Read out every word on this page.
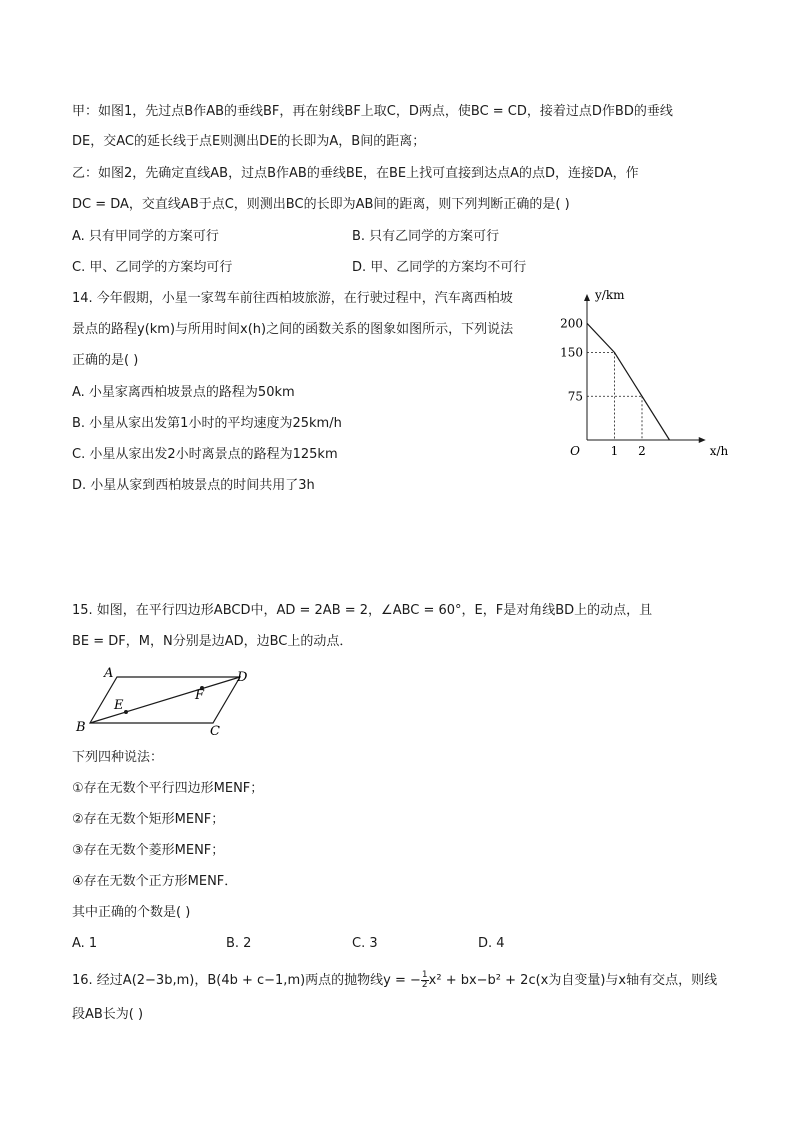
甲：如图1，先过点B作AB的垂线BF，再在射线BF上取C，D两点，使BC = CD，接着过点D作BD的垂线
DE，交AC的延长线于点E则测出DE的长即为A，B间的距离；
乙：如图2，先确定直线AB，过点B作AB的垂线BE，在BE上找可直接到达点A的点D，连接DA，作
DC = DA，交直线AB于点C，则测出BC的长即为AB间的距离，则下列判断正确的是( )
A. 只有甲同学的方案可行	B. 只有乙同学的方案可行
C. 甲、乙同学的方案均可行	D. 甲、乙同学的方案均不可行
14. 今年假期，小星一家驾车前往西柏坡旅游，在行驶过程中，汽车离西柏坡
景点的路程y(km)与所用时间x(h)之间的函数关系的图象如图所示，下列说法
正确的是( )
A. 小星家离西柏坡景点的路程为50km
B. 小星从家出发第1小时的平均速度为25km/h
C. 小星从家出发2小时离景点的路程为125km
D. 小星从家到西柏坡景点的时间共用了3h
200
150
75
1 2
O	x/h
y/km
15. 如图，在平行四边形ABCD中，AD = 2AB = 2，∠ABC = 60°，E，F是对角线BD上的动点，且
BE = DF，M，N分别是边AD，边BC上的动点．
A
B	C
D
E
F
下列四种说法：
①存在无数个平行四边形MENF；
②存在无数个矩形MENF；
③存在无数个菱形MENF；
④存在无数个正方形MENF．
其中正确的个数是( )
A. 1	B. 2	C. 3	D. 4
16. 经过A(2−3b,m)，B(4b + c−1,m)两点的抛物线y = − $\frac{1}{2} x^2 + bx-b^2 + 2c(x$为自变量)与x轴有交点，则线
段AB长为( )
